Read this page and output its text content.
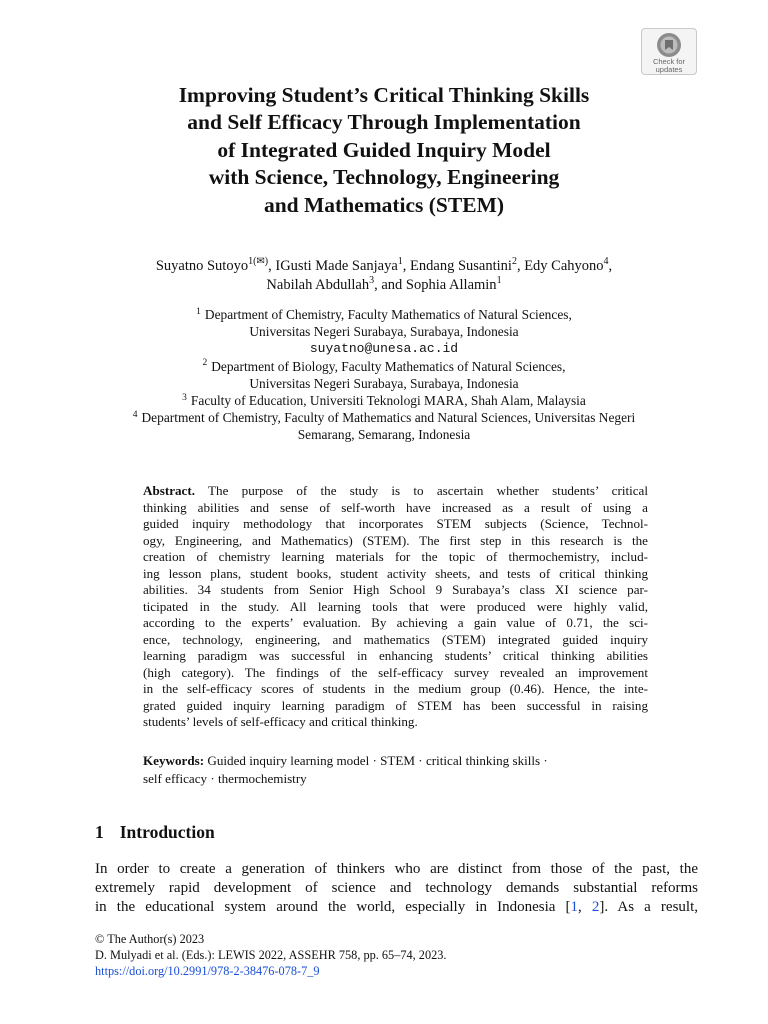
Check for
updates
Improving Student’s Critical Thinking Skills
and Self Efficacy Through Implementation
of Integrated Guided Inquiry Model
with Science, Technology, Engineering
and Mathematics (STEM)
Suyatno Sutoyo$^{1(✉)}$, IGusti Made Sanjaya$^1$, Endang Susantini$^2$, Edy Cahyono$^4$,
Nabilah Abdullah$^3$, and Sophia Allamin$^1$
$^1$ Department of Chemistry, Faculty Mathematics of Natural Sciences,
Universitas Negeri Surabaya, Surabaya, Indonesia
suyatno@unesa.ac.id
$^2$ Department of Biology, Faculty Mathematics of Natural Sciences,
Universitas Negeri Surabaya, Surabaya, Indonesia
$^3$ Faculty of Education, Universiti Teknologi MARA, Shah Alam, Malaysia
$^4$ Department of Chemistry, Faculty of Mathematics and Natural Sciences, Universitas Negeri
Semarang, Semarang, Indonesia
Abstract. The purpose of the study is to ascertain whether students’ critical
thinking abilities and sense of self-worth have increased as a result of using a
guided inquiry methodology that incorporates STEM subjects (Science, Technol-
ogy, Engineering, and Mathematics) (STEM). The first step in this research is the
creation of chemistry learning materials for the topic of thermochemistry, includ-
ing lesson plans, student books, student activity sheets, and tests of critical thinking
abilities. 34 students from Senior High School 9 Surabaya’s class XI science par-
ticipated in the study. All learning tools that were produced were highly valid,
according to the experts’ evaluation. By achieving a gain value of 0.71, the sci-
ence, technology, engineering, and mathematics (STEM) integrated guided inquiry
learning paradigm was successful in enhancing students’ critical thinking abilities
(high category). The findings of the self-efficacy survey revealed an improvement
in the self-efficacy scores of students in the medium group (0.46). Hence, the inte-
grated guided inquiry learning paradigm of STEM has been successful in raising
students’ levels of self-efficacy and critical thinking.
Keywords: Guided inquiry learning model · STEM · critical thinking skills ·
self efficacy · thermochemistry
1 Introduction
In order to create a generation of thinkers who are distinct from those of the past, the
extremely rapid development of science and technology demands substantial reforms
in the educational system around the world, especially in Indonesia [1, 2]. As a result,
© The Author(s) 2023
D. Mulyadi et al. (Eds.): LEWIS 2022, ASSEHR 758, pp. 65–74, 2023.
https://doi.org/10.2991/978-2-38476-078-7_9
